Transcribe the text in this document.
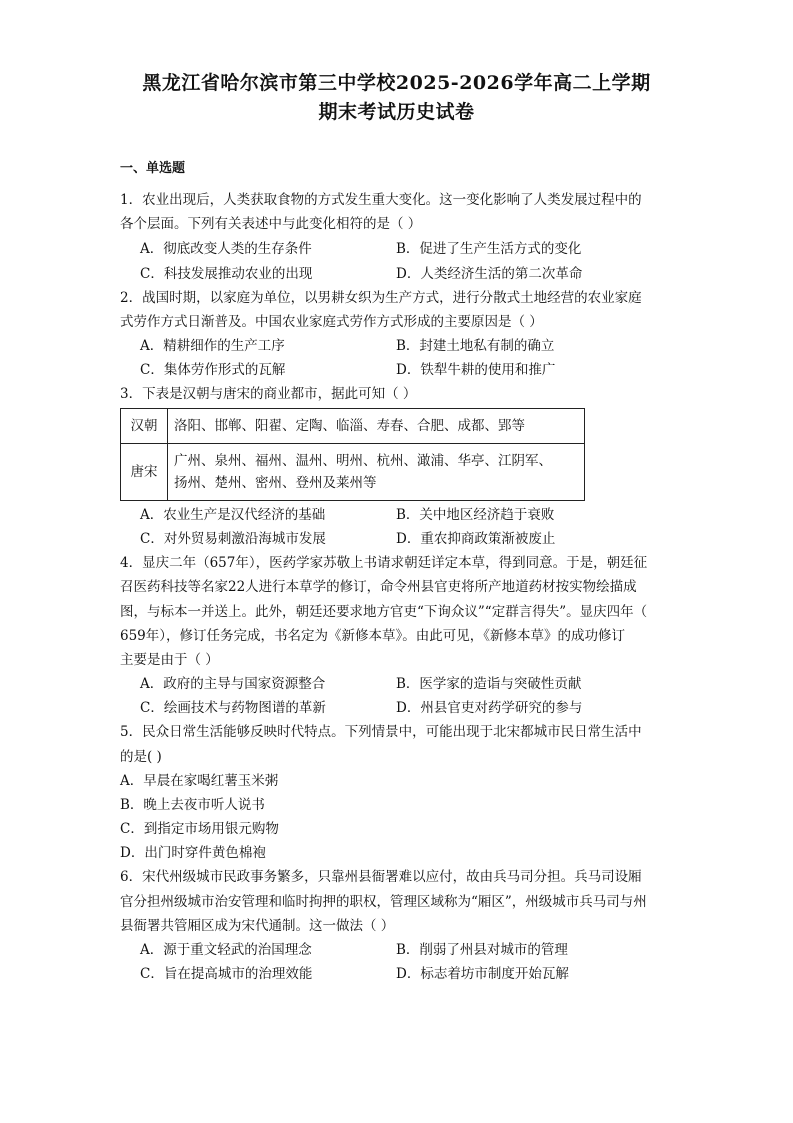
黑龙江省哈尔滨市第三中学校2025-2026学年高二上学期
期末考试历史试卷
一、单选题
1．农业出现后，人类获取食物的方式发生重大变化。这一变化影响了人类发展过程中的
各个层面。下列有关表述中与此变化相符的是（ ）
A．彻底改变人类的生存条件	B．促进了生产生活方式的变化
C．科技发展推动农业的出现	D．人类经济生活的第二次革命
2．战国时期，以家庭为单位，以男耕女织为生产方式，进行分散式土地经营的农业家庭
式劳作方式日渐普及。中国农业家庭式劳作方式形成的主要原因是（ ）
A．精耕细作的生产工序	B．封建土地私有制的确立
C．集体劳作形式的瓦解	D．铁犁牛耕的使用和推广
3．下表是汉朝与唐宋的商业都市，据此可知（ ）
汉朝	洛阳、邯郸、阳翟、定陶、临淄、寿春、合肥、成都、郢等
唐宋	广州、泉州、福州、温州、明州、杭州、澉浦、华亭、江阴军、
扬州、楚州、密州、登州及莱州等
A．农业生产是汉代经济的基础	B．关中地区经济趋于衰败
C．对外贸易刺激沿海城市发展	D．重农抑商政策渐被废止
4．显庆二年（657年），医药学家苏敬上书请求朝廷详定本草，得到同意。于是，朝廷征
召医药科技等名家22人进行本草学的修订，命令州县官吏将所产地道药材按实物绘描成
图，与标本一并送上。此外，朝廷还要求地方官吏“下询众议”“定群言得失”。显庆四年（
659年），修订任务完成，书名定为《新修本草》。由此可见，《新修本草》的成功修订
主要是由于（ ）
A．政府的主导与国家资源整合	B．医学家的造诣与突破性贡献
C．绘画技术与药物图谱的革新	D．州县官吏对药学研究的参与
5．民众日常生活能够反映时代特点。下列情景中，可能出现于北宋都城市民日常生活中
的是( )
A．早晨在家喝红薯玉米粥
B．晚上去夜市听人说书
C．到指定市场用银元购物
D．出门时穿件黄色棉袍
6．宋代州级城市民政事务繁多，只靠州县衙署难以应付，故由兵马司分担。兵马司设厢
官分担州级城市治安管理和临时拘押的职权，管理区域称为“厢区”，州级城市兵马司与州
县衙署共管厢区成为宋代通制。这一做法（ ）
A．源于重文轻武的治国理念	B．削弱了州县对城市的管理
C．旨在提高城市的治理效能	D．标志着坊市制度开始瓦解
